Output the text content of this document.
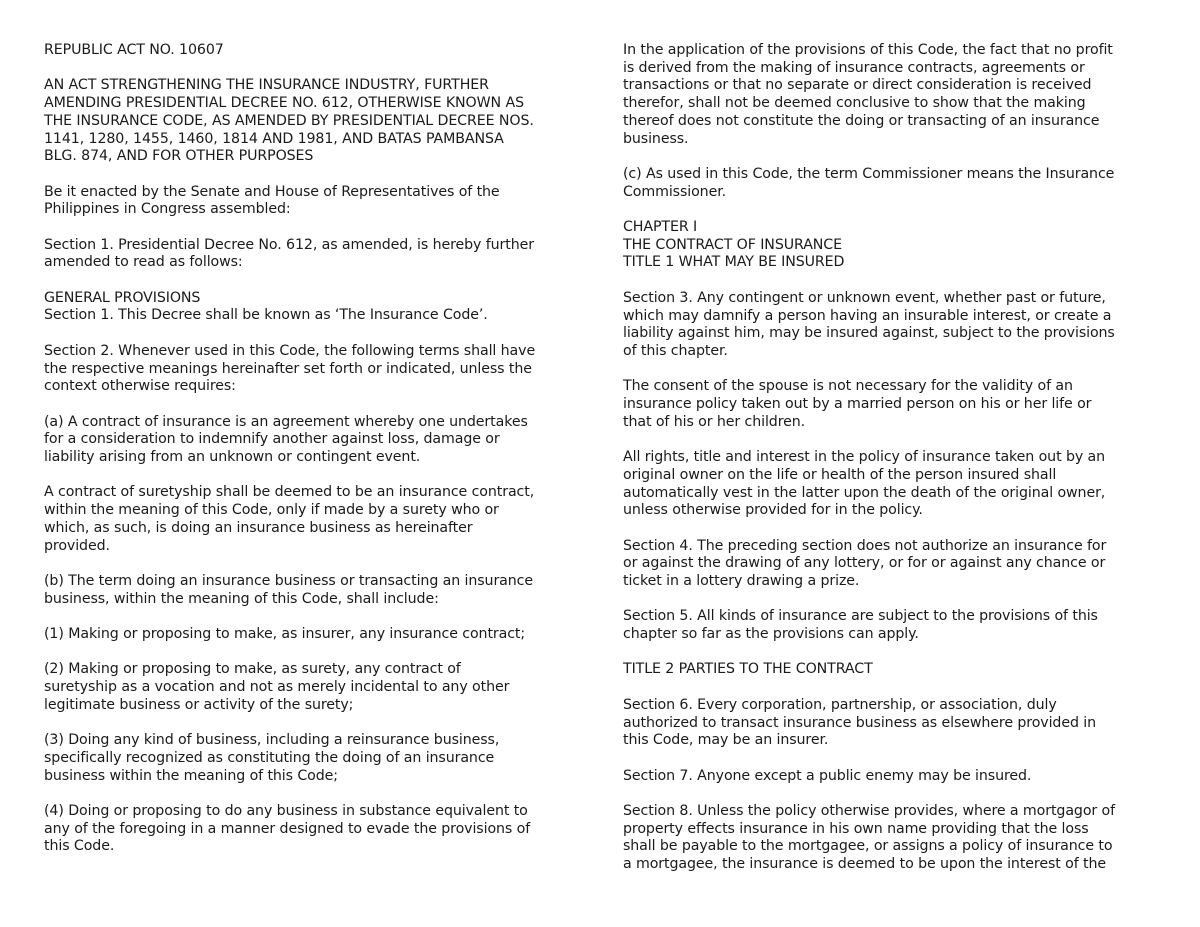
REPUBLIC ACT NO. 10607

AN ACT STRENGTHENING THE INSURANCE INDUSTRY, FURTHER
AMENDING PRESIDENTIAL DECREE NO. 612, OTHERWISE KNOWN AS
THE INSURANCE CODE, AS AMENDED BY PRESIDENTIAL DECREE NOS.
1141, 1280, 1455, 1460, 1814 AND 1981, AND BATAS PAMBANSA
BLG. 874, AND FOR OTHER PURPOSES

Be it enacted by the Senate and House of Representatives of the
Philippines in Congress assembled:

Section 1. Presidential Decree No. 612, as amended, is hereby further
amended to read as follows:

GENERAL PROVISIONS
Section 1. This Decree shall be known as ‘The Insurance Code’.

Section 2. Whenever used in this Code, the following terms shall have
the respective meanings hereinafter set forth or indicated, unless the
context otherwise requires:

(a) A contract of insurance is an agreement whereby one undertakes
for a consideration to indemnify another against loss, damage or
liability arising from an unknown or contingent event.

A contract of suretyship shall be deemed to be an insurance contract,
within the meaning of this Code, only if made by a surety who or
which, as such, is doing an insurance business as hereinafter
provided.

(b) The term doing an insurance business or transacting an insurance
business, within the meaning of this Code, shall include:

(1) Making or proposing to make, as insurer, any insurance contract;

(2) Making or proposing to make, as surety, any contract of
suretyship as a vocation and not as merely incidental to any other
legitimate business or activity of the surety;

(3) Doing any kind of business, including a reinsurance business,
specifically recognized as constituting the doing of an insurance
business within the meaning of this Code;

(4) Doing or proposing to do any business in substance equivalent to
any of the foregoing in a manner designed to evade the provisions of
this Code.

In the application of the provisions of this Code, the fact that no profit
is derived from the making of insurance contracts, agreements or
transactions or that no separate or direct consideration is received
therefor, shall not be deemed conclusive to show that the making
thereof does not constitute the doing or transacting of an insurance
business.

(c) As used in this Code, the term Commissioner means the Insurance
Commissioner.

CHAPTER I
THE CONTRACT OF INSURANCE
TITLE 1 WHAT MAY BE INSURED

Section 3. Any contingent or unknown event, whether past or future,
which may damnify a person having an insurable interest, or create a
liability against him, may be insured against, subject to the provisions
of this chapter.

The consent of the spouse is not necessary for the validity of an
insurance policy taken out by a married person on his or her life or
that of his or her children.

All rights, title and interest in the policy of insurance taken out by an
original owner on the life or health of the person insured shall
automatically vest in the latter upon the death of the original owner,
unless otherwise provided for in the policy.

Section 4. The preceding section does not authorize an insurance for
or against the drawing of any lottery, or for or against any chance or
ticket in a lottery drawing a prize.

Section 5. All kinds of insurance are subject to the provisions of this
chapter so far as the provisions can apply.

TITLE 2 PARTIES TO THE CONTRACT

Section 6. Every corporation, partnership, or association, duly
authorized to transact insurance business as elsewhere provided in
this Code, may be an insurer.

Section 7. Anyone except a public enemy may be insured.

Section 8. Unless the policy otherwise provides, where a mortgagor of
property effects insurance in his own name providing that the loss
shall be payable to the mortgagee, or assigns a policy of insurance to
a mortgagee, the insurance is deemed to be upon the interest of the
